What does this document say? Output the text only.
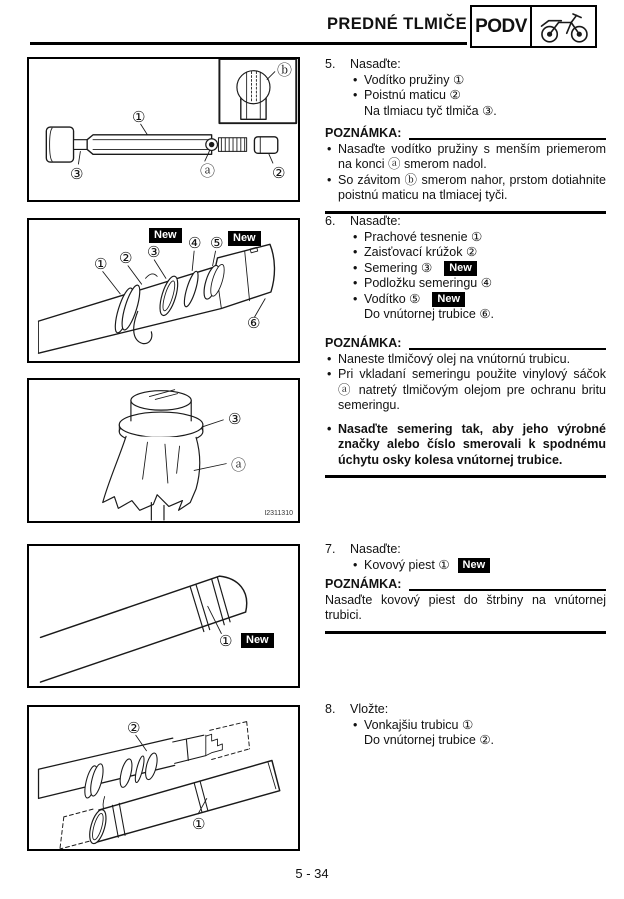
PREDNÉ TLMIČE PODV
①
③	ⓐ	②
ⓑ
New	New
① ② ③ ④ ⑤
⑥
③
ⓐ
I2311310
①	New
②
①
5.	Nasaďte:
• Vodítko pružiny ①
• Poistnú maticu ②
Na tlmiacu tyč tlmiča ③.
POZNÁMKA:
• Nasaďte vodítko pružiny s menším priemerom na konci ⓐ smerom nadol.
• So závitom ⓑ smerom nahor, prstom dotiahnite poistnú maticu na tlmiacej tyči.
6.	Nasaďte:
• Prachové tesnenie ①
• Zaisťovací krúžok ②
• Semering ③ New
• Podložku semeringu ④
• Vodítko ⑤ New
Do vnútornej trubice ⑥.
POZNÁMKA:
• Naneste tlmičový olej na vnútornú trubicu.
• Pri vkladaní semeringu použite vinylový sáčok ⓐ natretý tlmičovým olejom pre ochranu britu semeringu.
• Nasaďte semering tak, aby jeho výrobné značky alebo číslo smerovali k spodnému úchytu osky kolesa vnútornej trubice.
7.	Nasaďte:
• Kovový piest ① New
POZNÁMKA:
Nasaďte kovový piest do štrbiny na vnútornej trubici.
8.	Vložte:
• Vonkajšiu trubicu ①
Do vnútornej trubice ②.
5 - 34
